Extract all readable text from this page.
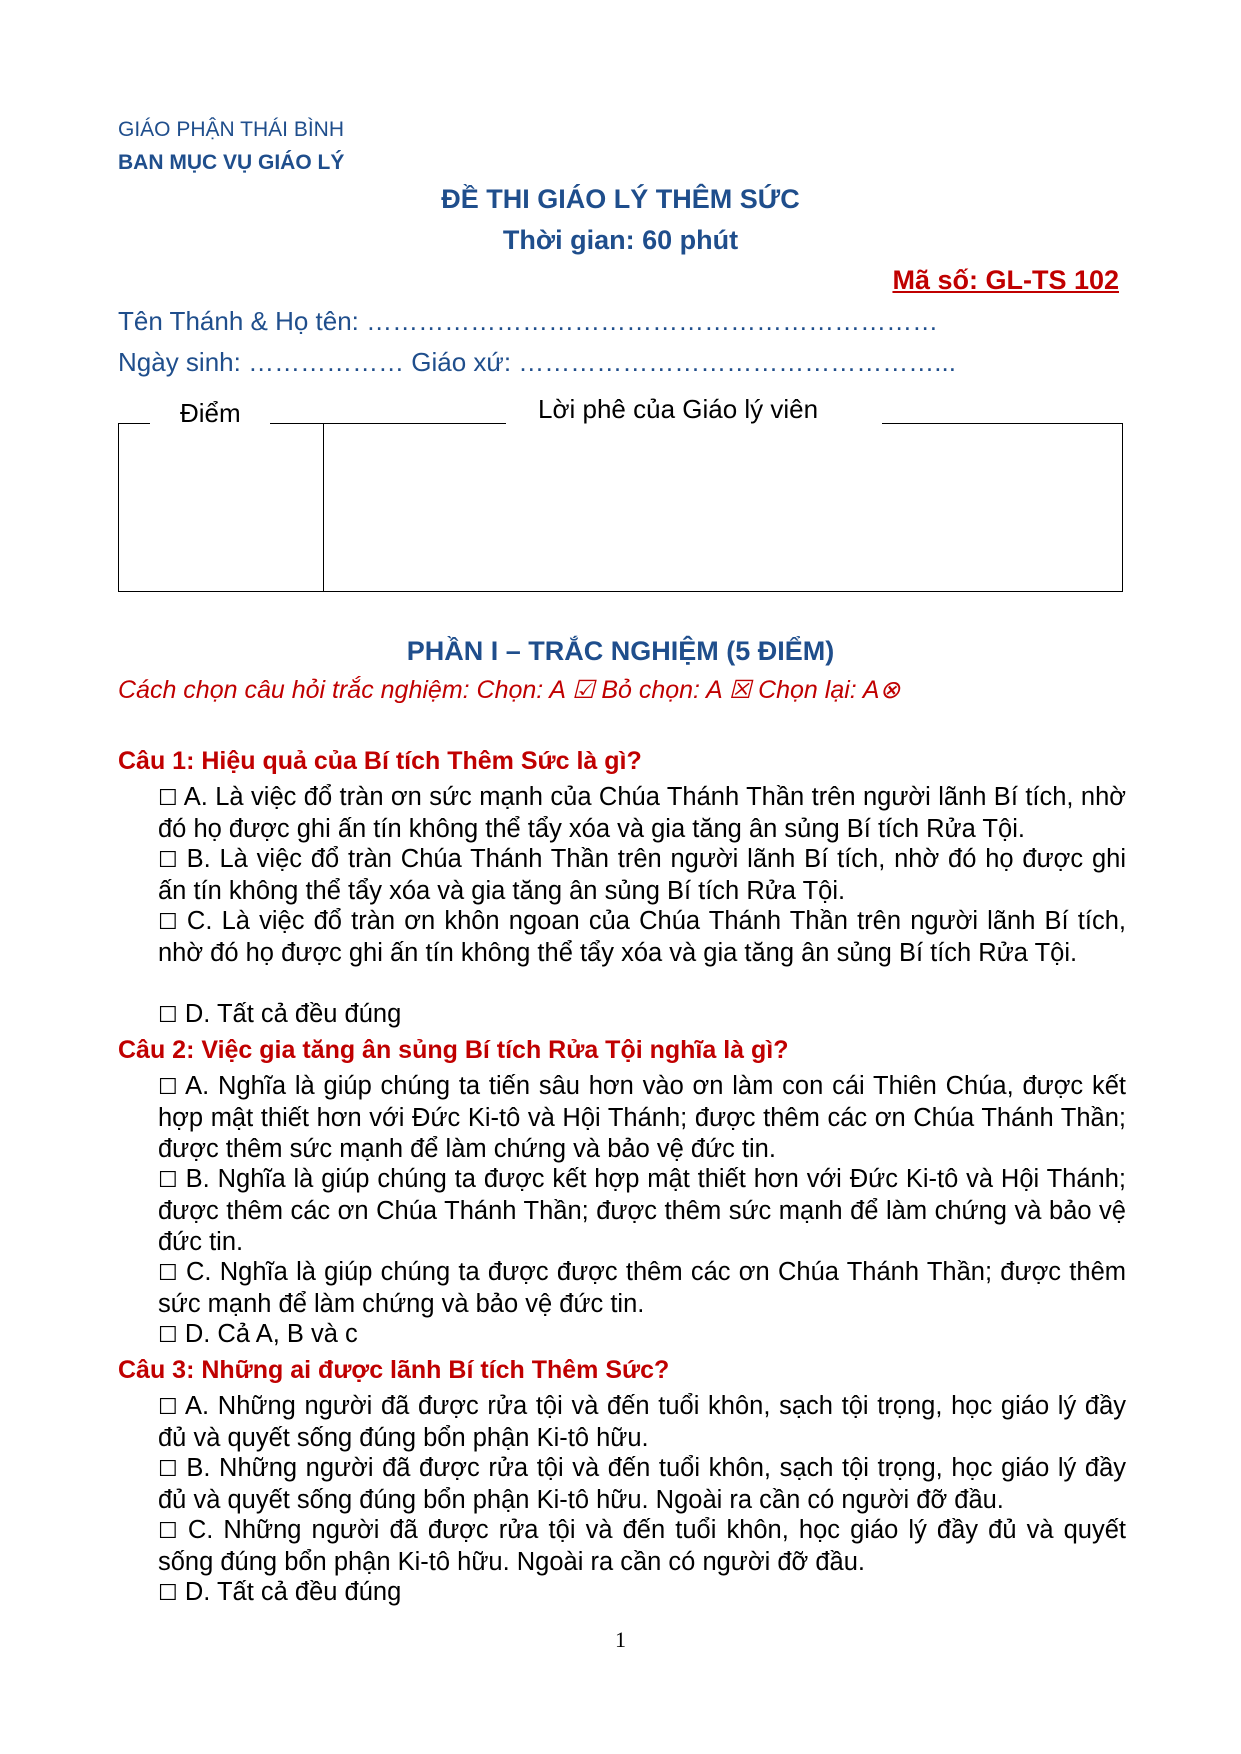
GIÁO PHẬN THÁI BÌNH
BAN MỤC VỤ GIÁO LÝ
ĐỀ THI GIÁO LÝ THÊM SỨC
Thời gian: 60 phút
Mã số: GL-TS 102
Tên Thánh & Họ tên: …………………………………………………………
Ngày sinh: ……………… Giáo xứ: …………………………………………...
Điểm	Lời phê của Giáo lý viên
PHẦN I – TRẮC NGHIỆM (5 ĐIỂM)
Cách chọn câu hỏi trắc nghiệm: Chọn: A ☑ Bỏ chọn: A ☒ Chọn lại: A⊗
Câu 1: Hiệu quả của Bí tích Thêm Sức là gì?
☐ A. Là việc đổ tràn ơn sức mạnh của Chúa Thánh Thần trên người lãnh Bí tích, nhờ đó họ được ghi ấn tín không thể tẩy xóa và gia tăng ân sủng Bí tích Rửa Tội.
☐ B. Là việc đổ tràn Chúa Thánh Thần trên người lãnh Bí tích, nhờ đó họ được ghi ấn tín không thể tẩy xóa và gia tăng ân sủng Bí tích Rửa Tội.
☐ C. Là việc đổ tràn ơn khôn ngoan của Chúa Thánh Thần trên người lãnh Bí tích, nhờ đó họ được ghi ấn tín không thể tẩy xóa và gia tăng ân sủng Bí tích Rửa Tội.
☐ D. Tất cả đều đúng
Câu 2: Việc gia tăng ân sủng Bí tích Rửa Tội nghĩa là gì?
☐ A. Nghĩa là giúp chúng ta tiến sâu hơn vào ơn làm con cái Thiên Chúa, được kết hợp mật thiết hơn với Đức Ki-tô và Hội Thánh; được thêm các ơn Chúa Thánh Thần; được thêm sức mạnh để làm chứng và bảo vệ đức tin.
☐ B. Nghĩa là giúp chúng ta được kết hợp mật thiết hơn với Đức Ki-tô và Hội Thánh; được thêm các ơn Chúa Thánh Thần; được thêm sức mạnh để làm chứng và bảo vệ đức tin.
☐ C. Nghĩa là giúp chúng ta được được thêm các ơn Chúa Thánh Thần; được thêm sức mạnh để làm chứng và bảo vệ đức tin.
☐ D. Cả A, B và c
Câu 3: Những ai được lãnh Bí tích Thêm Sức?
☐ A. Những người đã được rửa tội và đến tuổi khôn, sạch tội trọng, học giáo lý đầy đủ và quyết sống đúng bổn phận Ki-tô hữu.
☐ B. Những người đã được rửa tội và đến tuổi khôn, sạch tội trọng, học giáo lý đầy đủ và quyết sống đúng bổn phận Ki-tô hữu. Ngoài ra cần có người đỡ đầu.
☐ C. Những người đã được rửa tội và đến tuổi khôn, học giáo lý đầy đủ và quyết sống đúng bổn phận Ki-tô hữu. Ngoài ra cần có người đỡ đầu.
☐ D. Tất cả đều đúng
1
